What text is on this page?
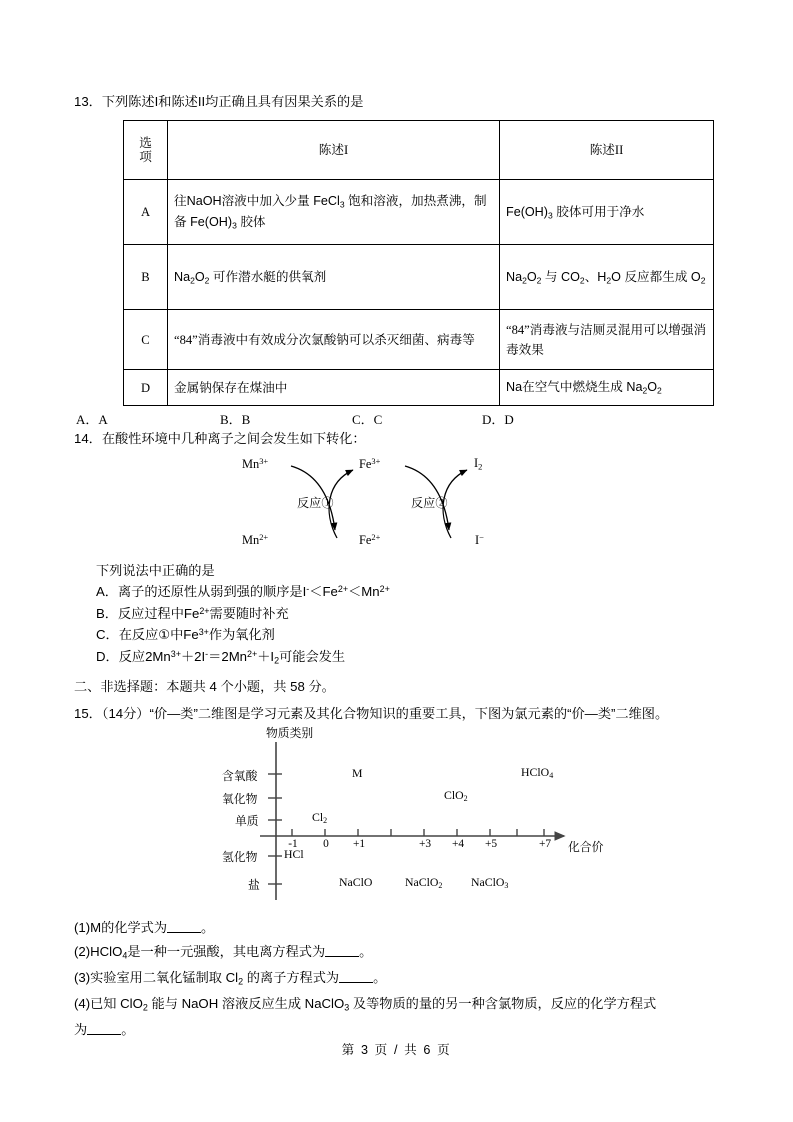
13．下列陈述I和陈述II均正确且具有因果关系的是
选
项	陈述I	陈述II
A	往NaOH溶液中加入少量 FeCl$_3$ 饱和溶液，加热煮沸，制备 $Fe(OH)_3$ 胶体	$Fe(OH)_3$ 胶体可用于净水
B	$Na_2O_2$ 可作潜水艇的供氧剂	$Na_2O_2$ 与 $CO_2$、$H_2O$ 反应都生成 $O_2$
C	“84”消毒液中有效成分次氯酸钠可以杀灭细菌、病毒等	“84”消毒液与洁厕灵混用可以增强消毒效果
D	金属钠保存在煤油中	Na在空气中燃烧生成 $Na_2O_2$
A．A	B．B	C．C	D．D
14．在酸性环境中几种离子之间会发生如下转化：
$Mn^{3+}$
$Mn^{2+}$
$Fe^{3+}$
$Fe^{2+}$
$I_2$
I−
反应①	反应②
下列说法中正确的是
A．离子的还原性从弱到强的顺序是$I^-<Fe^{2+}<Mn^{2+}$
B．反应过程中$Fe^{2+}$需要随时补充
C．在反应①中$Fe^{3+}$作为氧化剂
D．反应$2Mn^{3+}+2I^-=2Mn^{2+}+I_2$可能会发生
二、非选择题：本题共 4 个小题，共 58 分。
15．（14分）“价—类”二维图是学习元素及其化合物知识的重要工具，下图为氯元素的“价—类”二维图。
物质类别
化合价
含氧酸
氧化物
单质
氢化物
盐
-1	0	+1	+3	+4	+5	+7
M	HClO$_4$
ClO$_2$
$Cl_2$
HCl
NaClO	NaClO$_2$ NaClO$_3$
(1)M的化学式为	。
(2)HClO$_4$是一种一元强酸，其电离方程式为	。
(3)实验室用二氧化锰制取 $Cl_2$ 的离子方程式为	。
(4)已知 ClO$_2$ 能与 NaOH 溶液反应生成 NaClO$_3$ 及等物质的量的另一种含氯物质，反应的化学方程式
为	。
第 3 页 / 共 6 页
